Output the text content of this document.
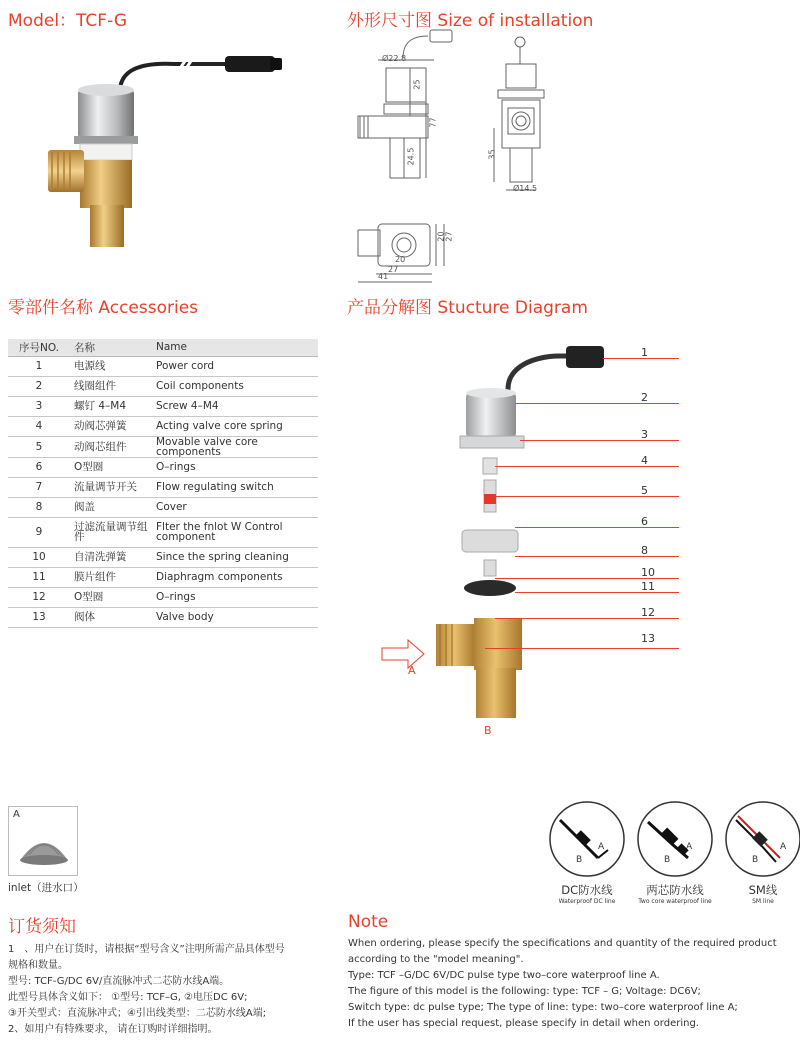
Model：TCF-G	外形尺寸图 Size of installation
零部件名称 Accessories	产品分解图 Stucture Diagram
Ø22.8
25
77
24.5	35
Ø14.5
20
27
20 27
41
序号NO.	名称	Name
1	电源线	Power cord
2	线圈组件	Coil components
3	螺钉 4–M4	Screw 4–M4
4	动阀芯弹簧	Acting valve core spring
5	动阀芯组件	Movable valve core components
6	O型圈	O–rings
7	流量调节开关	Flow regulating switch
8	阀盖	Cover
9	过滤流量调节组件	Flter the fnlot W Control component
10	自清洗弹簧	Since the spring cleaning
11	膜片组件	Diaphragm components
12	O型圈	O–rings
13	阀体	Valve body
1
2
3
4
5
6
8
10
11
12
13
A
B
A
inlet（进水口）
B
A
B
A
B
A
DC防水线
Waterproof DC line
两芯防水线
Two core waterproof line
SM线
SM line
订货须知
1　、用户在订货时，请根据“型号含义”注明所需产品具体型号
规格和数量。
型号: TCF-G/DC 6V/直流脉冲式二芯防水线A端。
此型号具体含义如下： ①型号: TCF–G, ②电压DC 6V;
③开关型式：直流脉冲式；④引出线类型：二芯防水线A端;
2、如用户有特殊要求， 请在订购时详细指明。
Note
When ordering, please specify the specifications and quantity of the required product
according to the "model meaning".
Type: TCF –G/DC 6V/DC pulse type two–core waterproof line A.
The figure of this model is the following: type: TCF – G; Voltage: DC6V;
Switch type: dc pulse type; The type of line: type: two–core waterproof line A;
If the user has special request, please specify in detail when ordering.
